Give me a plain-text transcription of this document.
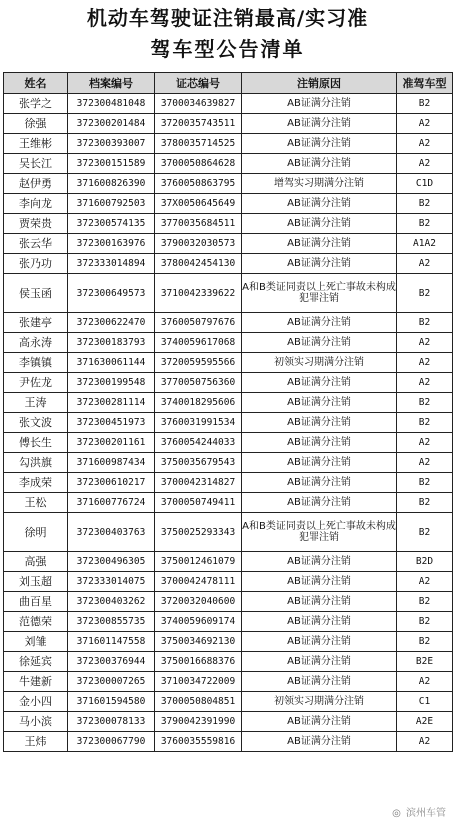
机动车驾驶证注销最高/实习准
驾车型公告清单
姓名	档案编号	证芯编号	注销原因	准驾车型
张学之	372300481048	3700034639827	AB证满分注销	B2
徐强	372300201484	3720035743511	AB证满分注销	A2
王维彬	372300393007	3780035714525	AB证满分注销	A2
吴长江	372300151589	3700050864628	AB证满分注销	A2
赵伊勇	371600826390	3760050863795	增驾实习期满分注销	C1D
李向龙	371600792503	37X0050645649	AB证满分注销	B2
贾荣贵	372300574135	3770035684511	AB证满分注销	B2
张云华	372300163976	3790032030573	AB证满分注销	A1A2
张乃功	372333014894	3780042454130	AB证满分注销	A2
侯玉函	372300649573	3710042339622	A和B类证同责以上死亡事故未构成犯罪注销	B2
张建亭	372300622470	3760050797676	AB证满分注销	B2
高永涛	372300183793	3740059617068	AB证满分注销	A2
李镇镇	371630061144	3720059595566	初领实习期满分注销	A2
尹佐龙	372300199548	3770050756360	AB证满分注销	A2
王涛	372300281114	3740018295606	AB证满分注销	B2
张文波	372300451973	3760031991534	AB证满分注销	B2
傅长生	372300201161	3760054244033	AB证满分注销	A2
勾洪旗	371600987434	3750035679543	AB证满分注销	A2
李成荣	372300610217	3700042314827	AB证满分注销	B2
王松	371600776724	3700050749411	AB证满分注销	B2
徐明	372300403763	3750025293343	A和B类证同责以上死亡事故未构成犯罪注销	B2
高强	372300496305	3750012461079	AB证满分注销	B2D
刘玉超	372333014075	3700042478111	AB证满分注销	A2
曲百星	372300403262	3720032040600	AB证满分注销	B2
范德荣	372300855735	3740059609174	AB证满分注销	B2
刘雏	371601147558	3750034692130	AB证满分注销	B2
徐延宾	372300376944	3750016688376	AB证满分注销	B2E
牛建新	372300007265	3710034722009	AB证满分注销	A2
金小四	371601594580	3700050804851	初领实习期满分注销	C1
马小滨	372300078133	3790042391990	AB证满分注销	A2E
王炜	372300067790	3760035559816	AB证满分注销	A2
◎ 滨州车管
